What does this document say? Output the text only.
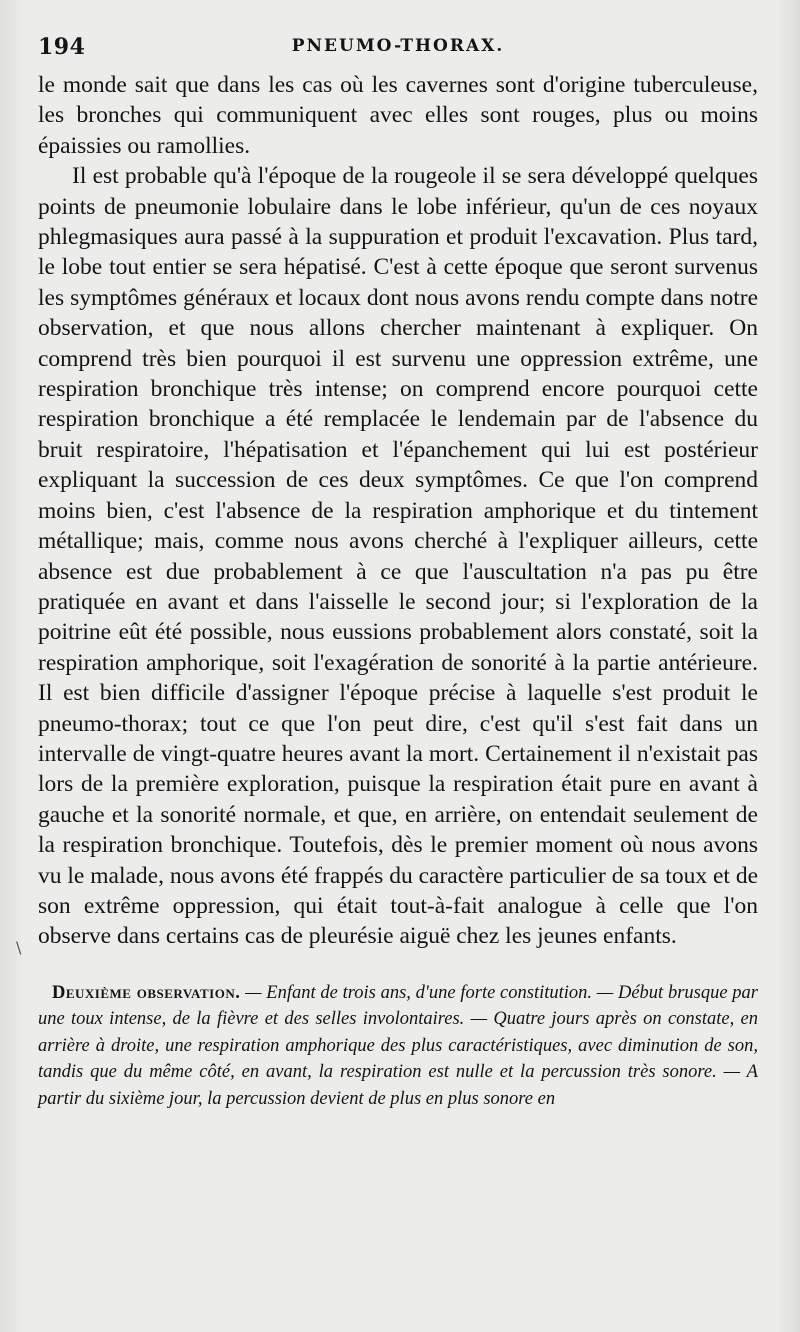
194	PNEUMO-THORAX.

le monde sait que dans les cas où les cavernes sont d'origine tuberculeuse, les bronches qui communiquent avec elles sont rouges, plus ou moins épaissies ou ramollies.

Il est probable qu'à l'époque de la rougeole il se sera développé quelques points de pneumonie lobulaire dans le lobe inférieur, qu'un de ces noyaux phlegmasiques aura passé à la suppuration et produit l'excavation. Plus tard, le lobe tout entier se sera hépatisé. C'est à cette époque que seront survenus les symptômes généraux et locaux dont nous avons rendu compte dans notre observation, et que nous allons chercher maintenant à expliquer. On comprend très bien pourquoi il est survenu une oppression extrême, une respiration bronchique très intense; on comprend encore pourquoi cette respiration bronchique a été remplacée le lendemain par de l'absence du bruit respiratoire, l'hépatisation et l'épanchement qui lui est postérieur expliquant la succession de ces deux symptômes. Ce que l'on comprend moins bien, c'est l'absence de la respiration amphorique et du tintement métallique; mais, comme nous avons cherché à l'expliquer ailleurs, cette absence est due probablement à ce que l'auscultation n'a pas pu être pratiquée en avant et dans l'aisselle le second jour; si l'exploration de la poitrine eût été possible, nous eussions probablement alors constaté, soit la respiration amphorique, soit l'exagération de sonorité à la partie antérieure. Il est bien difficile d'assigner l'époque précise à laquelle s'est produit le pneumo-thorax; tout ce que l'on peut dire, c'est qu'il s'est fait dans un intervalle de vingt-quatre heures avant la mort. Certainement il n'existait pas lors de la première exploration, puisque la respiration était pure en avant à gauche et la sonorité normale, et que, en arrière, on entendait seulement de la respiration bronchique. Toutefois, dès le premier moment où nous avons vu le malade, nous avons été frappés du caractère particulier de sa toux et de son extrême oppression, qui était tout-à-fait analogue à celle que l'on observe dans certains cas de pleurésie aiguë chez les jeunes enfants.

Deuxième observation. — Enfant de trois ans, d'une forte constitution. — Début brusque par une toux intense, de la fièvre et des selles involontaires. — Quatre jours après on constate, en arrière à droite, une respiration amphorique des plus caractéristiques, avec diminution de son, tandis que du même côté, en avant, la respiration est nulle et la percussion très sonore. — A partir du sixième jour, la percussion devient de plus en plus sonore en
\
